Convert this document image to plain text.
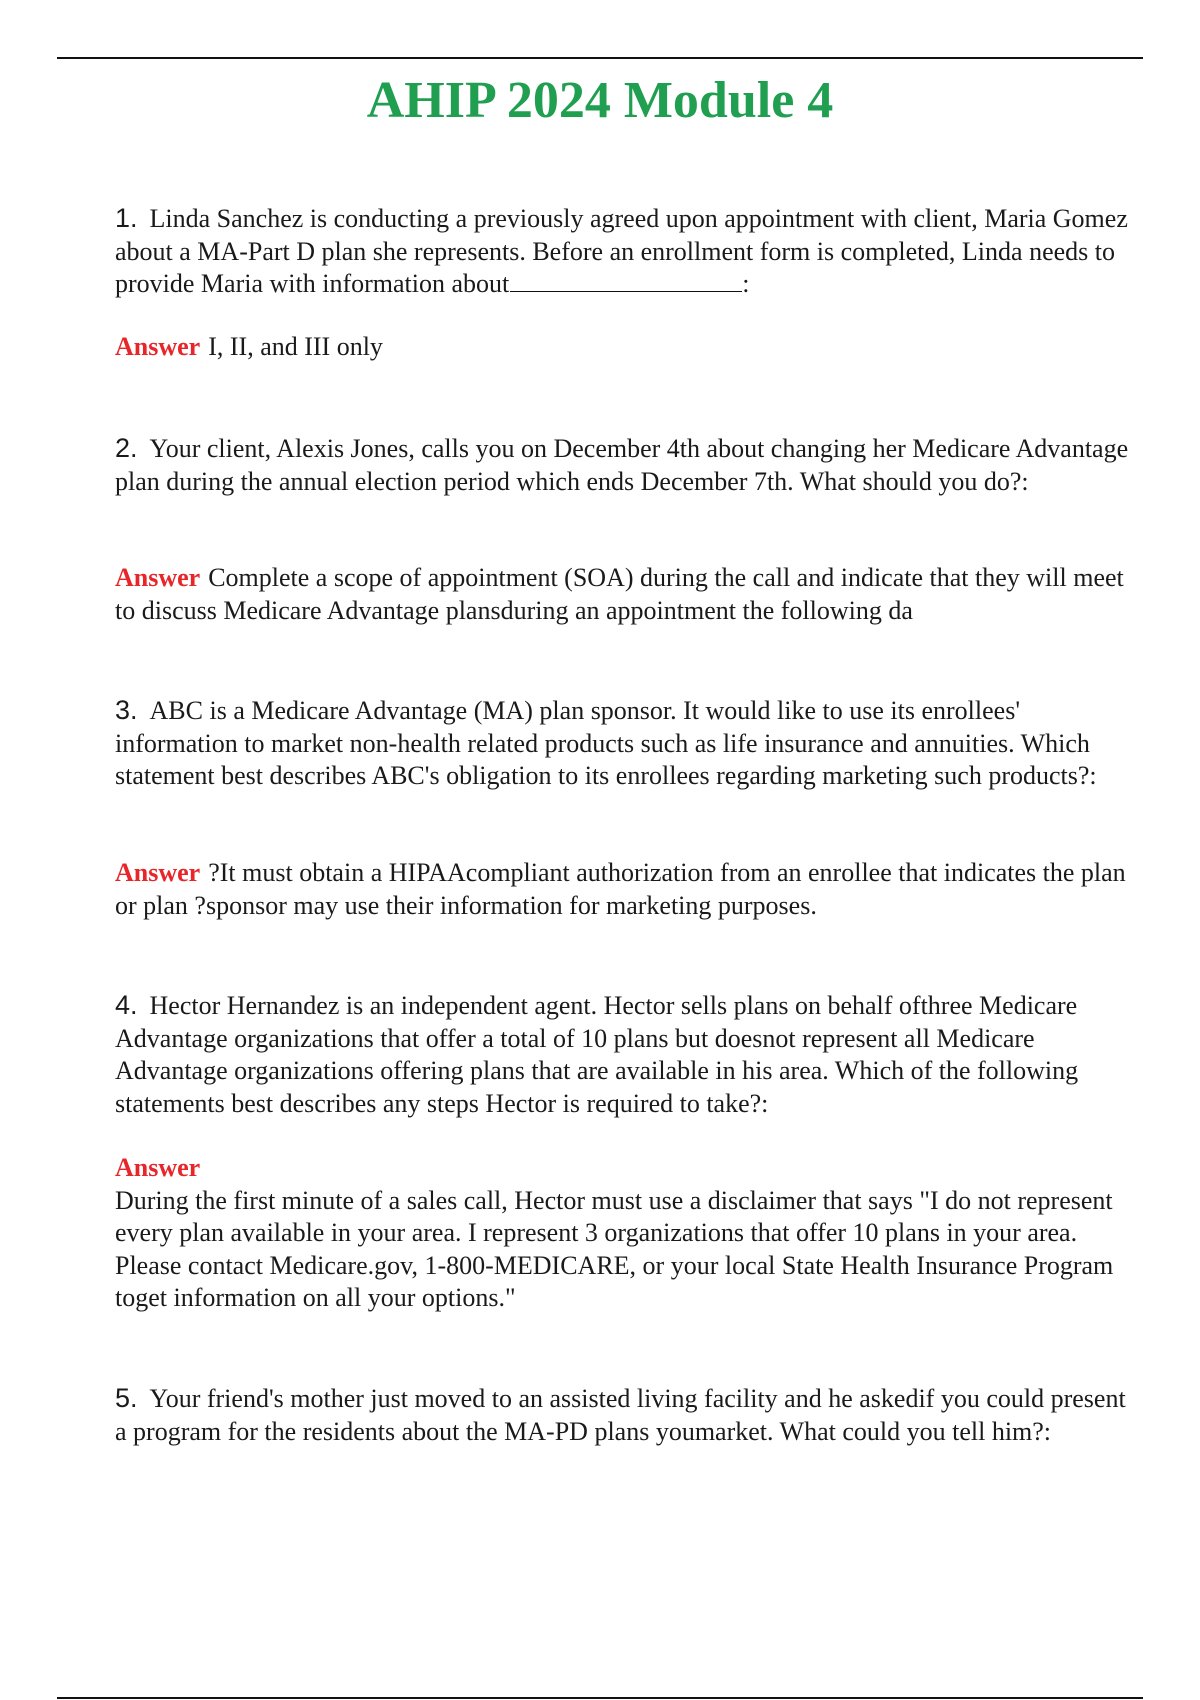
AHIP 2024 Module 4
1. Linda Sanchez is conducting a previously agreed upon appointment with client, Maria Gomez about a MA-Part D plan she represents. Before an enrollment form is completed, Linda needs to provide Maria with information about	:
Answer I, II, and III only
2. Your client, Alexis Jones, calls you on December 4th about changing her Medicare Advantage plan during the annual election period which ends December 7th. What should you do?:
Answer Complete a scope of appointment (SOA) during the call and indicate that they will meet to discuss Medicare Advantage plansduring an appointment the following da
3. ABC is a Medicare Advantage (MA) plan sponsor. It would like to use its enrollees' information to market non-health related products such as life insurance and annuities. Which statement best describes ABC's obligation to its enrollees regarding marketing such products?:
Answer ?It must obtain a HIPAAcompliant authorization from an enrollee that indicates the plan or plan ?sponsor may use their information for marketing purposes.
4. Hector Hernandez is an independent agent. Hector sells plans on behalf ofthree Medicare Advantage organizations that offer a total of 10 plans but doesnot represent all Medicare Advantage organizations offering plans that are available in his area. Which of the following statements best describes any steps Hector is required to take?:
Answer
During the first minute of a sales call, Hector must use a disclaimer that says "I do not represent every plan available in your area. I represent 3 organizations that offer 10 plans in your area. Please contact Medicare.gov, 1-800-MEDICARE, or your local State Health Insurance Program toget information on all your options."
5. Your friend's mother just moved to an assisted living facility and he askedif you could present a program for the residents about the MA-PD plans youmarket. What could you tell him?:
